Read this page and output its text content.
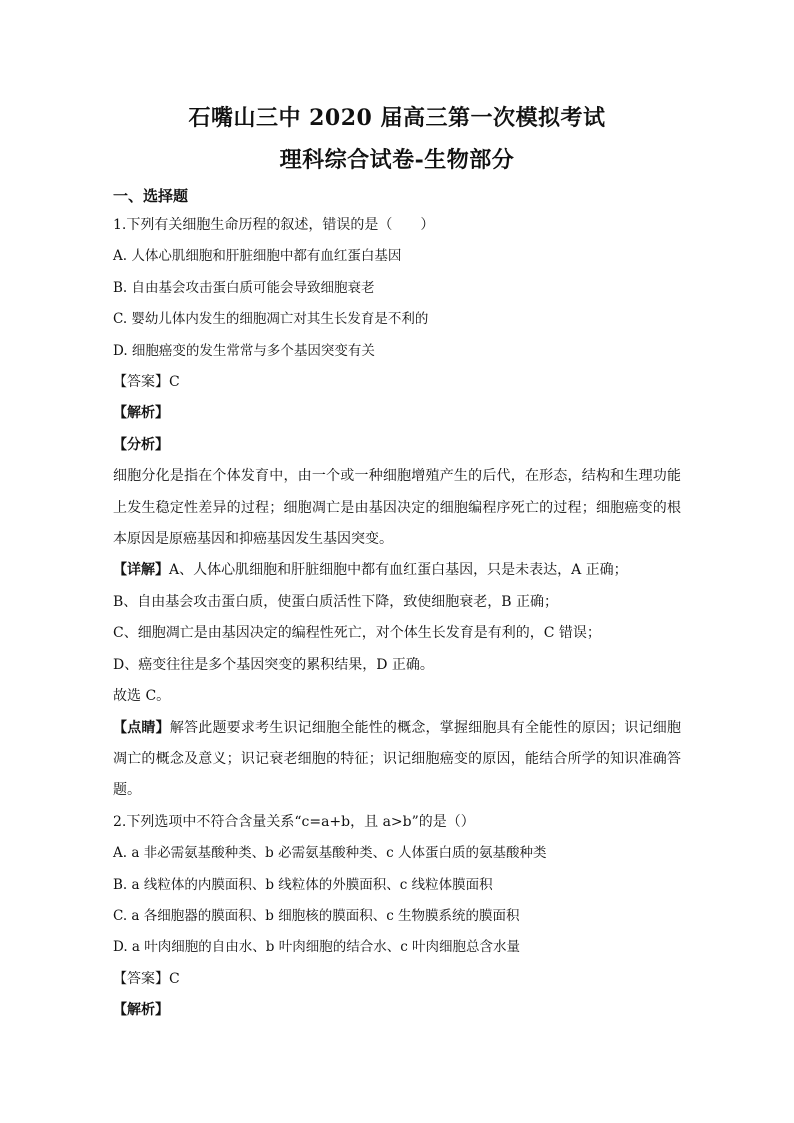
石嘴山三中 2020 届高三第一次模拟考试
理科综合试卷-生物部分
一、选择题
1.下列有关细胞生命历程的叙述，错误的是（　　）
A. 人体心肌细胞和肝脏细胞中都有血红蛋白基因
B. 自由基会攻击蛋白质可能会导致细胞衰老
C. 婴幼儿体内发生的细胞凋亡对其生长发育是不利的
D. 细胞癌变的发生常常与多个基因突变有关
【答案】C
【解析】
【分析】
细胞分化是指在个体发育中，由一个或一种细胞增殖产生的后代，在形态，结构和生理功能上发生稳定性差异的过程；细胞凋亡是由基因决定的细胞编程序死亡的过程；细胞癌变的根本原因是原癌基因和抑癌基因发生基因突变。
【详解】A、人体心肌细胞和肝脏细胞中都有血红蛋白基因，只是未表达，A 正确；
B、自由基会攻击蛋白质，使蛋白质活性下降，致使细胞衰老，B 正确；
C、细胞凋亡是由基因决定的编程性死亡，对个体生长发育是有利的，C 错误；
D、癌变往往是多个基因突变的累积结果，D 正确。
故选 C。
【点睛】解答此题要求考生识记细胞全能性的概念，掌握细胞具有全能性的原因；识记细胞凋亡的概念及意义；识记衰老细胞的特征；识记细胞癌变的原因，能结合所学的知识准确答题。
2.下列选项中不符合含量关系“c=a+b，且 a>b”的是（）
A. a 非必需氨基酸种类、b 必需氨基酸种类、c 人体蛋白质的氨基酸种类
B. a 线粒体的内膜面积、b 线粒体的外膜面积、c 线粒体膜面积
C. a 各细胞器的膜面积、b 细胞核的膜面积、c 生物膜系统的膜面积
D. a 叶肉细胞的自由水、b 叶肉细胞的结合水、c 叶肉细胞总含水量
【答案】C
【解析】
